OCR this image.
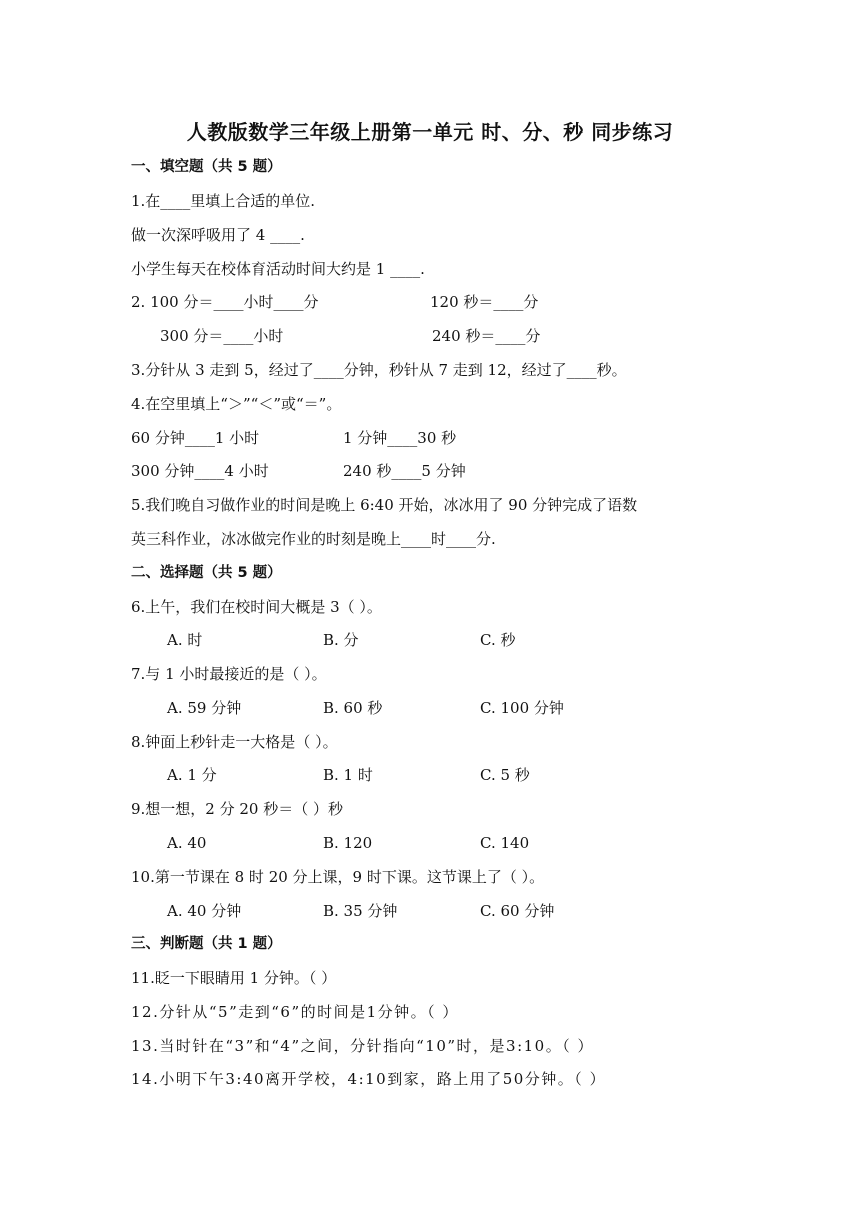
人教版数学三年级上册第一单元 时、分、秒 同步练习
一、填空题（共 5 题）
1.在____里填上合适的单位.
做一次深呼吸用了 4 ____.
小学生每天在校体育活动时间大约是 1 ____.
2. 100 分＝____小时____分	120 秒＝____分
300 分＝____小时	240 秒＝____分
3.分针从 3 走到 5，经过了____分钟，秒针从 7 走到 12，经过了____秒。
4.在空里填上“＞”“＜”或“＝”。
60 分钟____1 小时	1 分钟____30 秒
300 分钟____4 小时	240 秒____5 分钟
5.我们晚自习做作业的时间是晚上 6:40 开始，冰冰用了 90 分钟完成了语数
英三科作业，冰冰做完作业的时刻是晚上____时____分.
二、选择题（共 5 题）
6.上午，我们在校时间大概是 3（ ）。
A. 时	B. 分	C. 秒
7.与 1 小时最接近的是（ ）。
A. 59 分钟	B. 60 秒	C. 100 分钟
8.钟面上秒针走一大格是（ ）。
A. 1 分	B. 1 时	C. 5 秒
9.想一想，2 分 20 秒＝（ ）秒
A. 40	B. 120	C. 140
10.第一节课在 8 时 20 分上课，9 时下课。这节课上了（ ）。
A. 40 分钟	B. 35 分钟	C. 60 分钟
三、判断题（共 1 题）
11.眨一下眼睛用 1 分钟。（ ）
12.分针从“5”走到“6”的时间是1分钟。（ ）
13.当时针在“3”和“4”之间，分针指向“10”时，是3:10。（ ）
14.小明下午3:40离开学校，4:10到家，路上用了50分钟。（ ）
